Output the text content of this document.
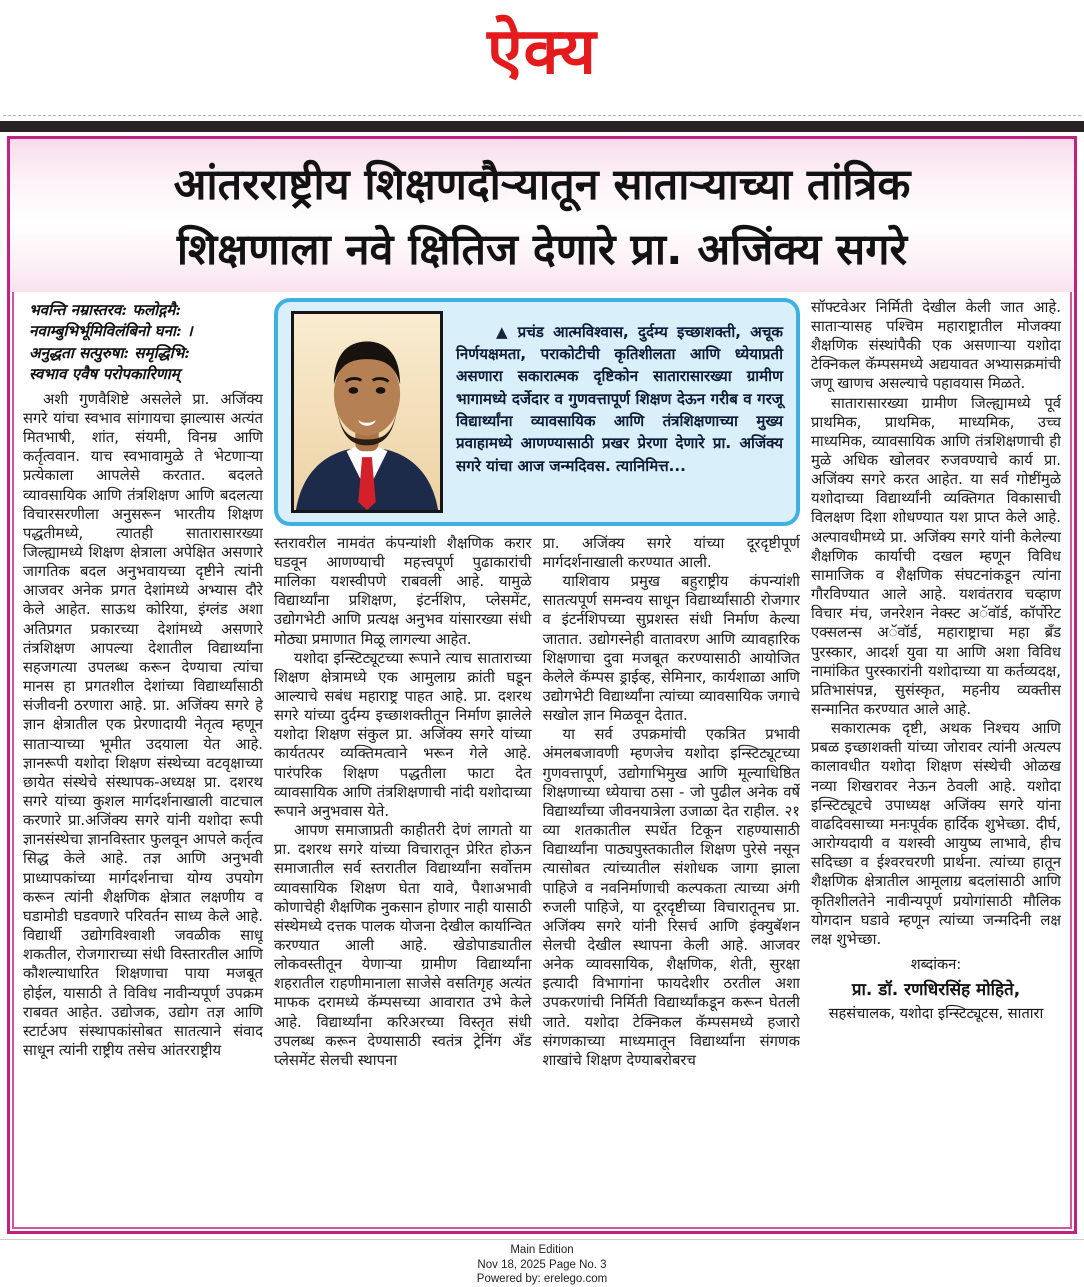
ऐक्य
आंतरराष्ट्रीय शिक्षणदौऱ्यातून साताऱ्याच्या तांत्रिक
शिक्षणाला नवे क्षितिज देणारे प्रा. अजिंक्य सगरे
भवन्ति नम्रास्तरव: फलोद्गमै:
नवाम्बुभिर्भूमिविलंबिनो घना: ।
अनुद्धता सत्पुरुषा: समृद्धिभि:
स्वभाव एवैष परोपकारिणाम्

अशी गुणवैशिष्टे असलेले प्रा. अजिंक्य सगरे यांचा स्वभाव सांगायचा झाल्यास अत्यंत मितभाषी, शांत, संयमी, विनम्र आणि कर्तृत्ववान. याच स्वभावामुळे ते भेटणाऱ्या प्रत्येकाला आपलेसे करतात. बदलते व्यावसायिक आणि तंत्रशिक्षण आणि बदलत्या विचारसरणीला अनुसरून भारतीय शिक्षण पद्धतीमध्ये, त्यातही सातारासारख्या जिल्ह्यामध्ये शिक्षण क्षेत्राला अपेक्षित असणारे जागतिक बदल अनुभवायच्या दृष्टीने त्यांनी आजवर अनेक प्रगत देशांमध्ये अभ्यास दौरे केले आहेत. साऊथ कोरिया, इंग्लंड अशा अतिप्रगत प्रकारच्या देशांमध्ये असणारे तंत्रशिक्षण आपल्या देशातील विद्यार्थ्यांना सहजगत्या उपलब्ध करून देण्याचा त्यांचा मानस हा प्रगतशील देशांच्या विद्यार्थ्यांसाठी संजीवनी ठरणारा आहे. प्रा. अजिंक्य सगरे हे ज्ञान क्षेत्रातील एक प्रेरणादायी नेतृत्व म्हणून साताऱ्याच्या भूमीत उदयाला येत आहे. ज्ञानरूपी यशोदा शिक्षण संस्थेच्या वटवृक्षाच्या छायेत संस्थेचे संस्थापक-अध्यक्ष प्रा. दशरथ सगरे यांच्या कुशल मार्गदर्शनाखाली वाटचाल करणारे प्रा.अजिंक्य सगरे यांनी यशोदा रूपी ज्ञानसंस्थेचा ज्ञानविस्तार फुलवून आपले कर्तृत्व सिद्ध केले आहे. तज्ञ आणि अनुभवी प्राध्यापकांच्या मार्गदर्शनाचा योग्य उपयोग करून त्यांनी शैक्षणिक क्षेत्रात लक्षणीय व घडामोडी घडवणारे परिवर्तन साध्य केले आहे. विद्यार्थी उद्योगविश्वाशी जवळीक साधू शकतील, रोजगाराच्या संधी विस्तारतील आणि कौशल्याधारित शिक्षणाचा पाया मजबूत होईल, यासाठी ते विविध नावीन्यपूर्ण उपक्रम राबवत आहेत. उद्योजक, उद्योग तज्ञ आणि स्टार्टअप संस्थापकांसोबत सातत्याने संवाद साधून त्यांनी राष्ट्रीय तसेच आंतरराष्ट्रीय

▲ प्रचंड आत्मविश्वास, दुर्दम्य इच्छाशक्ती, अचूक निर्णयक्षमता, पराकोटीची कृतिशीलता आणि ध्येयाप्रती असणारा सकारात्मक दृष्टिकोन सातारासारख्या ग्रामीण भागामध्ये दर्जेदार व गुणवत्तापूर्ण शिक्षण देऊन गरीब व गरजू विद्यार्थ्यांना व्यावसायिक आणि तंत्रशिक्षणाच्या मुख्य प्रवाहामध्ये आणण्यासाठी प्रखर प्रेरणा देणारे प्रा. अजिंक्य सगरे यांचा आज जन्मदिवस. त्यानिमित्त...

स्तरावरील नामवंत कंपन्यांशी शैक्षणिक करार घडवून आणण्याची महत्त्वपूर्ण पुढाकारांची मालिका यशस्वीपणे राबवली आहे. यामुळे विद्यार्थ्यांना प्रशिक्षण, इंटर्नशिप, प्लेसमेंट, उद्योगभेटी आणि प्रत्यक्ष अनुभव यांसारख्या संधी मोठ्या प्रमाणात मिळू लागल्या आहेत.

यशोदा इन्स्टिट्यूटच्या रूपाने त्याच साताराच्या शिक्षण क्षेत्रामध्ये एक आमुलाग्र क्रांती घडून आल्याचे सबंध महाराष्ट्र पाहत आहे. प्रा. दशरथ सगरे यांच्या दुर्दम्य इच्छाशक्तीतून निर्माण झालेले यशोदा शिक्षण संकुल प्रा. अजिंक्य सगरे यांच्या कार्यतत्पर व्यक्तिमत्वाने भरून गेले आहे. पारंपरिक शिक्षण पद्धतीला फाटा देत व्यावसायिक आणि तंत्रशिक्षणाची नांदी यशोदाच्या रूपाने अनुभवास येते.

आपण समाजाप्रती काहीतरी देणं लागतो या प्रा. दशरथ सगरे यांच्या विचारातून प्रेरित होऊन समाजातील सर्व स्तरातील विद्यार्थ्यांना सर्वोत्तम व्यावसायिक शिक्षण घेता यावे, पैशाअभावी कोणाचेही शैक्षणिक नुकसान होणार नाही यासाठी संस्थेमध्ये दत्तक पालक योजना देखील कार्यान्वित करण्यात आली आहे. खेडोपाड्यातील लोकवस्तीतून येणाऱ्या ग्रामीण विद्यार्थ्यांना शहरातील राहणीमानाला साजेसे वसतिगृह अत्यंत माफक दरामध्ये कॅम्पसच्या आवारात उभे केले आहे. विद्यार्थ्यांना करिअरच्या विस्तृत संधी उपलब्ध करून देण्यासाठी स्वतंत्र ट्रेनिंग अँड प्लेसमेंट सेलची स्थापना

प्रा. अजिंक्य सगरे यांच्या दूरदृष्टीपूर्ण मार्गदर्शनाखाली करण्यात आली.

याशिवाय प्रमुख बहुराष्ट्रीय कंपन्यांशी सातत्यपूर्ण समन्वय साधून विद्यार्थ्यांसाठी रोजगार व इंटर्नशिपच्या सुप्रशस्त संधी निर्माण केल्या जातात. उद्योगस्नेही वातावरण आणि व्यावहारिक शिक्षणाचा दुवा मजबूत करण्यासाठी आयोजित केलेले कॅम्पस ड्राईव्ह, सेमिनार, कार्यशाळा आणि उद्योगभेटी विद्यार्थ्यांना त्यांच्या व्यावसायिक जगाचे सखोल ज्ञान मिळवून देतात.

या सर्व उपक्रमांची एकत्रित प्रभावी अंमलबजावणी म्हणजेच यशोदा इन्स्टिट्यूटच्या गुणवत्तापूर्ण, उद्योगाभिमुख आणि मूल्याधिष्ठित शिक्षणाच्या ध्येयाचा ठसा - जो पुढील अनेक वर्षे विद्यार्थ्यांच्या जीवनयात्रेला उजाळा देत राहील. २१ व्या शतकातील स्पर्धेत टिकून राहण्यासाठी विद्यार्थ्यांना पाठ्यपुस्तकातील शिक्षण पुरेसे नसून त्यासोबत त्यांच्यातील संशोधक जागा झाला पाहिजे व नवनिर्माणाची कल्पकता त्याच्या अंगी रुजली पाहिजे, या दूरदृष्टीच्या विचारातूनच प्रा. अजिंक्य सगरे यांनी रिसर्च आणि इंक्युबॅशन सेलची देखील स्थापना केली आहे. आजवर अनेक व्यावसायिक, शैक्षणिक, शेती, सुरक्षा इत्यादी विभागांना फायदेशीर ठरतील अशा उपकरणांची निर्मिती विद्यार्थ्यांकडून करून घेतली जाते. यशोदा टेक्निकल कॅम्पसमध्ये हजारो संगणकाच्या माध्यमातून विद्यार्थ्यांना संगणक शाखांचे शिक्षण देण्याबरोबरच

सॉफ्टवेअर निर्मिती देखील केली जात आहे. साताऱ्यासह पश्चिम महाराष्ट्रातील मोजक्या शैक्षणिक संस्थांपैकी एक असणाऱ्या यशोदा टेक्निकल कॅम्पसमध्ये अद्ययावत अभ्यासक्रमांची जणू खाणच असल्याचे पहावयास मिळते.

सातारासारख्या ग्रामीण जिल्ह्यामध्ये पूर्व प्राथमिक, प्राथमिक, माध्यमिक, उच्च माध्यमिक, व्यावसायिक आणि तंत्रशिक्षणाची ही मुळे अधिक खोलवर रुजवण्याचे कार्य प्रा. अजिंक्य सगरे करत आहेत. या सर्व गोष्टींमुळे यशोदाच्या विद्यार्थ्यांनी व्यक्तिगत विकासाची विलक्षण दिशा शोधण्यात यश प्राप्त केले आहे. अल्पावधीमध्ये प्रा. अजिंक्य सगरे यांनी केलेल्या शैक्षणिक कार्याची दखल म्हणून विविध सामाजिक व शैक्षणिक संघटनांकडून त्यांना गौरविण्यात आले आहे. यशवंतराव चव्हाण विचार मंच, जनरेशन नेक्स्ट अॅवॉर्ड, कॉर्पोरेट एक्सलन्स अॅवॉर्ड, महाराष्ट्राचा महा ब्रँड पुरस्कार, आदर्श युवा या आणि अशा विविध नामांकित पुरस्कारांनी यशोदाच्या या कर्तव्यदक्ष, प्रतिभासंपन्न, सुसंस्कृत, महनीय व्यक्तीस सन्मानित करण्यात आले आहे.

सकारात्मक दृष्टी, अथक निश्चय आणि प्रबळ इच्छाशक्ती यांच्या जोरावर त्यांनी अत्यल्प कालावधीत यशोदा शिक्षण संस्थेची ओळख नव्या शिखरावर नेऊन ठेवली आहे. यशोदा इन्स्टिट्यूटचे उपाध्यक्ष अजिंक्य सगरे यांना वाढदिवसाच्या मनःपूर्वक हार्दिक शुभेच्छा. दीर्घ, आरोग्यदायी व यशस्वी आयुष्य लाभावे, हीच सदिच्छा व ईश्वरचरणी प्रार्थना. त्यांच्या हातून शैक्षणिक क्षेत्रातील आमूलाग्र बदलांसाठी आणि कृतिशीलतेने नावीन्यपूर्ण प्रयोगांसाठी मौलिक योगदान घडावे म्हणून त्यांच्या जन्मदिनी लक्ष लक्ष शुभेच्छा.

शब्दांकन:
प्रा. डॉ. रणधिरसिंह मोहिते,
सहसंचालक, यशोदा इन्स्टिट्यूटस, सातारा
Main Edition
Nov 18, 2025 Page No. 3
Powered by: erelego.com
